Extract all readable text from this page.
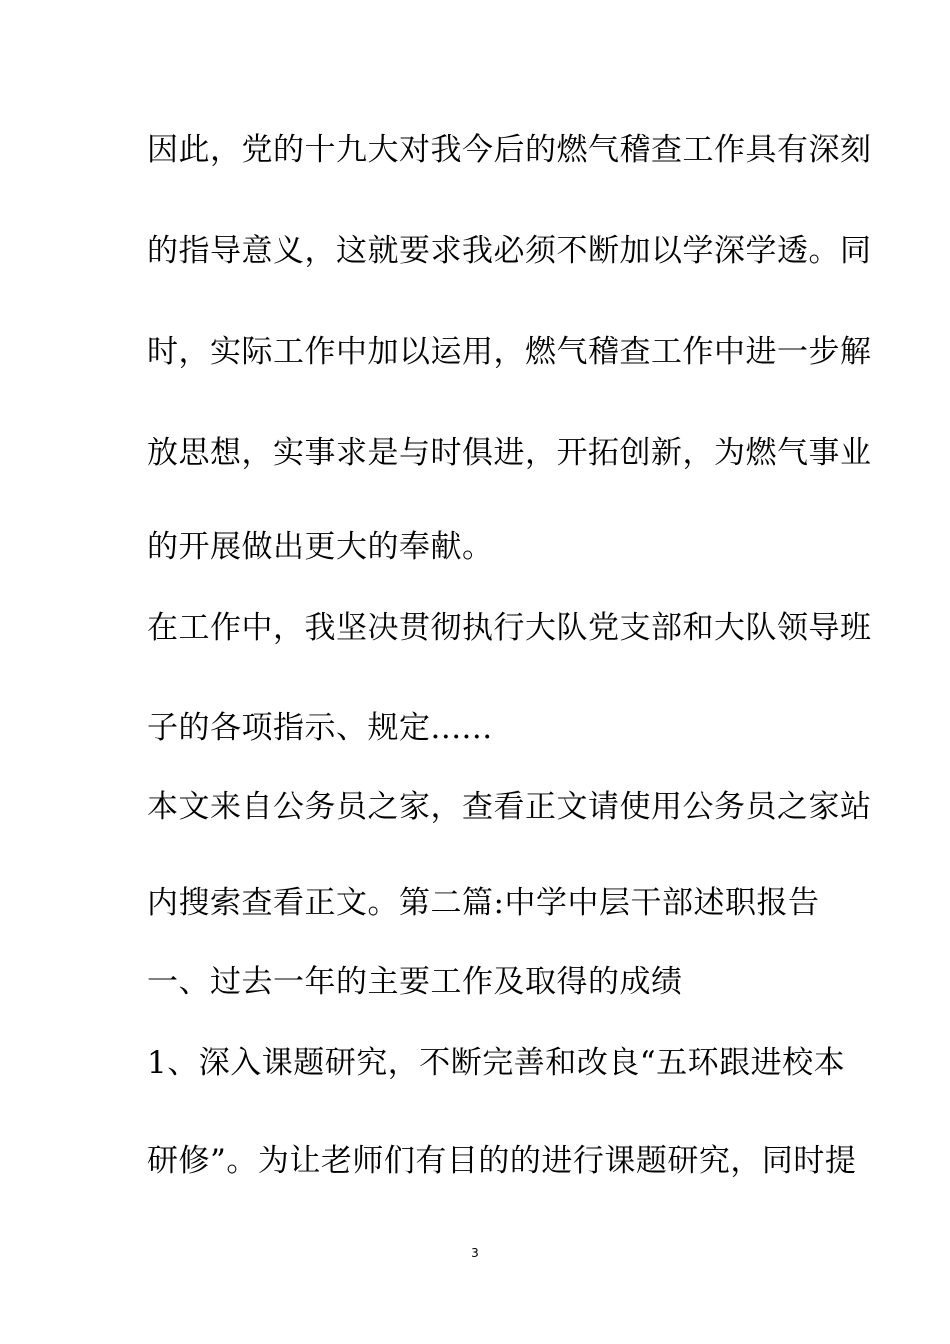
因此，党的十九大对我今后的燃气稽查工作具有深刻
的指导意义，这就要求我必须不断加以学深学透。同
时，实际工作中加以运用，燃气稽查工作中进一步解
放思想，实事求是与时俱进，开拓创新，为燃气事业
的开展做出更大的奉献。
在工作中，我坚决贯彻执行大队党支部和大队领导班
子的各项指示、规定......
本文来自公务员之家，查看正文请使用公务员之家站
内搜索查看正文。第二篇:中学中层干部述职报告
一、过去一年的主要工作及取得的成绩
1、深入课题研究，不断完善和改良“五环跟进校本
研修”。为让老师们有目的的进行课题研究，同时提
3
